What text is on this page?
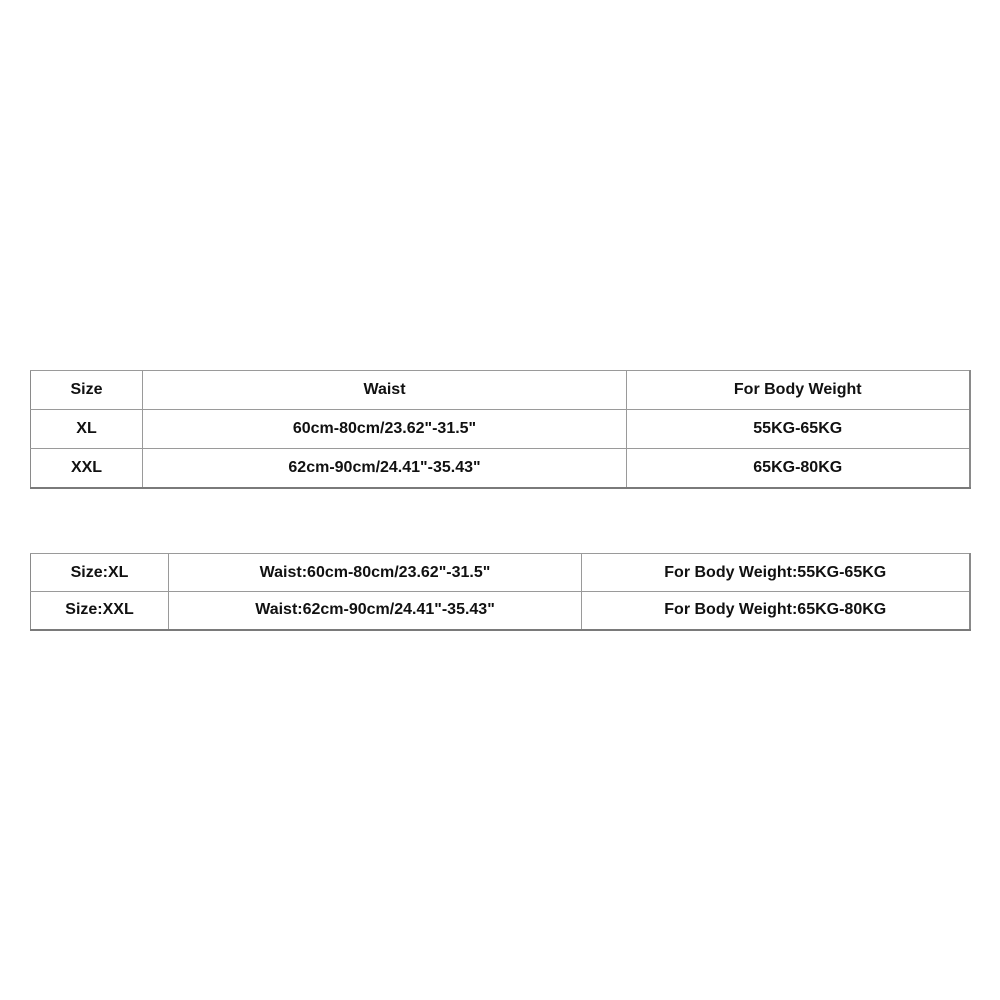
Size	Waist	For Body Weight
XL	60cm-80cm/23.62"-31.5"	55KG-65KG
XXL	62cm-90cm/24.41"-35.43"	65KG-80KG
Size:XL	Waist:60cm-80cm/23.62"-31.5"	For Body Weight:55KG-65KG
Size:XXL	Waist:62cm-90cm/24.41"-35.43"	For Body Weight:65KG-80KG
